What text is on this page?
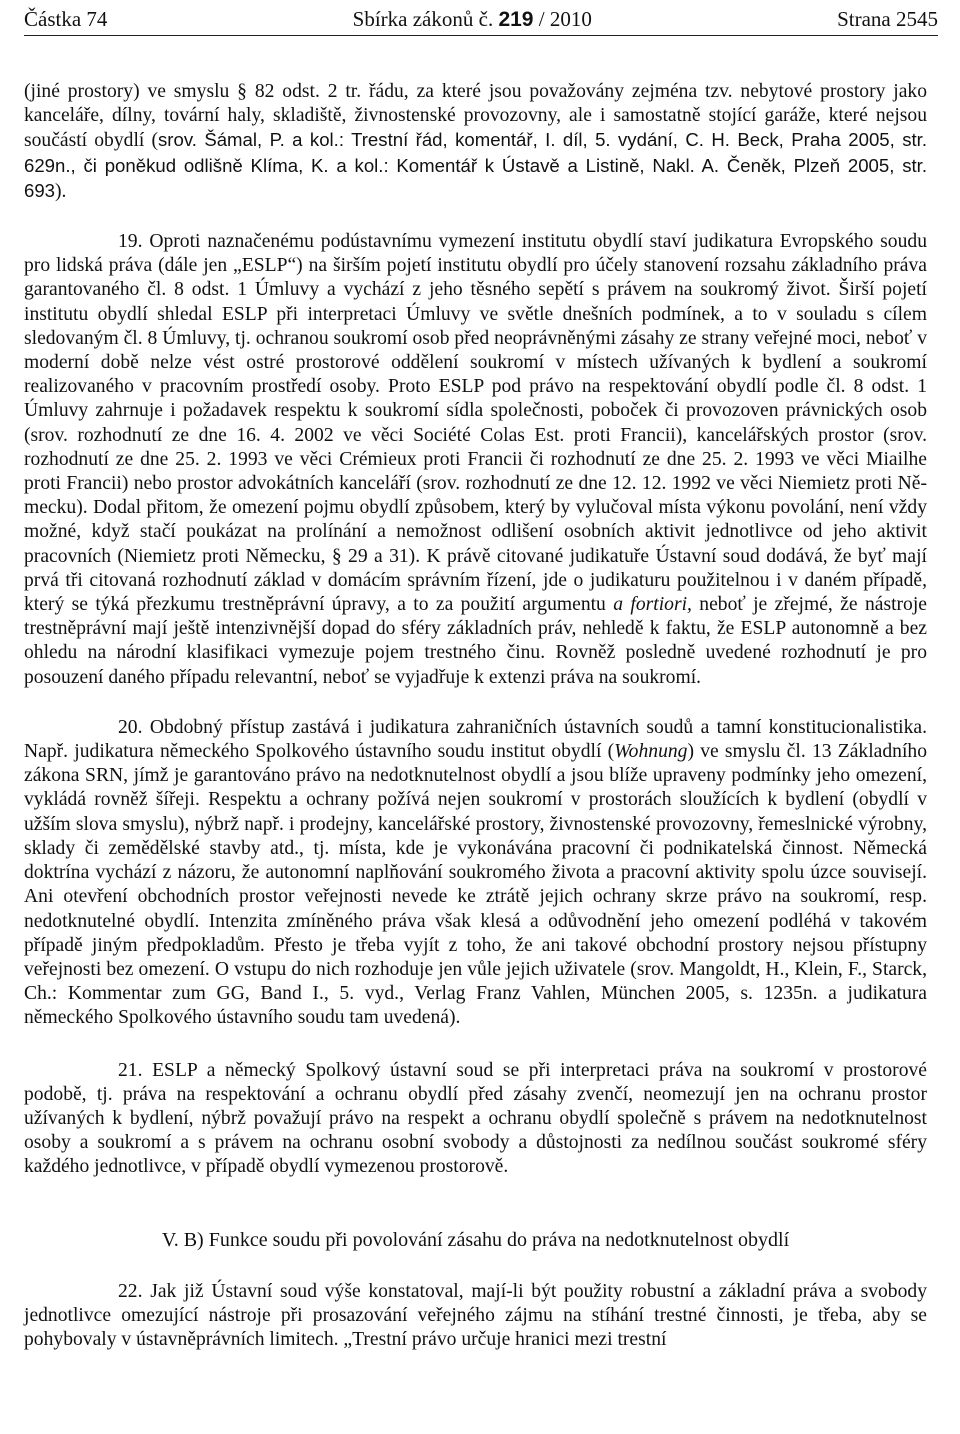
Částka 74	Sbírka zákonů č. 219 / 2010	Strana 2545

(jiné prostory) ve smyslu § 82 odst. 2 tr. řádu, za které jsou považovány zejména tzv. nebytové prostory jako kanceláře, dílny, tovární haly, skladiště, živnostenské provozovny, ale i samostatně stojící garáže, které nejsou součástí obydlí (srov. Šámal, P. a kol.: Trestní řád, komentář, I. díl, 5. vydání, C. H. Beck, Praha 2005, str. 629n., či poněkud odlišně Klíma, K. a kol.: Komentář k Ústavě a Listině, Nakl. A. Čeněk, Plzeň 2005, str. 693).

19. Oproti naznačenému podústavnímu vymezení institutu obydlí staví judikatura Evropského soudu pro lidská práva (dále jen „ESLP“) na širším pojetí institutu obydlí pro účely stanovení rozsahu základního práva garantovaného čl. 8 odst. 1 Úmluvy a vychází z jeho těsného sepětí s právem na soukromý život. Širší pojetí institutu obydlí shledal ESLP při interpretaci Úmluvy ve světle dnešních podmínek, a to v souladu s cílem sledovaným čl. 8 Úmluvy, tj. ochranou soukromí osob před neoprávněnými zásahy ze strany veřejné moci, neboť v moderní době nelze vést ostré prostorové oddělení soukromí v místech užívaných k bydlení a soukromí realizovaného v pracovním prostředí osoby. Proto ESLP pod právo na respektování obydlí podle čl. 8 odst. 1 Úmluvy zahrnuje i požadavek respektu k soukromí sídla společnosti, poboček či provozoven právnických osob (srov. rozhodnutí ze dne 16. 4. 2002 ve věci Société Colas Est. proti Francii), kancelářských prostor (srov. rozhodnutí ze dne 25. 2. 1993 ve věci Crémieux proti Francii či rozhodnutí ze dne 25. 2. 1993 ve věci Miailhe proti Francii) nebo prostor advokátních kanceláří (srov. rozhodnutí ze dne 12. 12. 1992 ve věci Niemietz proti Německu). Dodal přitom, že omezení pojmu obydlí způsobem, který by vylučoval místa výkonu povolání, není vždy možné, když stačí poukázat na prolínání a nemožnost odlišení osobních aktivit jednotlivce od jeho aktivit pracovních (Niemietz proti Německu, § 29 a 31). K právě citované judikatuře Ústavní soud dodává, že byť mají prvá tři citovaná rozhodnutí základ v domácím správním řízení, jde o judikaturu použitelnou i v daném případě, který se týká přezkumu trestněprávní úpravy, a to za použití argumentu a fortiori, neboť je zřejmé, že nástroje trestněprávní mají ještě intenzivnější dopad do sféry základních práv, nehledě k faktu, že ESLP autonomně a bez ohledu na národní klasifikaci vymezuje pojem trestného činu. Rovněž posledně uvedené rozhodnutí je pro posouzení daného případu relevantní, neboť se vyjadřuje k extenzi práva na soukromí.

20. Obdobný přístup zastává i judikatura zahraničních ústavních soudů a tamní konstitucionalistika. Např. judikatura německého Spolkového ústavního soudu institut obydlí (Wohnung) ve smyslu čl. 13 Základního zákona SRN, jímž je garantováno právo na nedotknutelnost obydlí a jsou blíže upraveny podmínky jeho omezení, vykládá rovněž šířeji. Respektu a ochrany požívá nejen soukromí v prostorách sloužících k bydlení (obydlí v užším slova smyslu), nýbrž např. i prodejny, kancelářské prostory, živnostenské provozovny, řemeslnické výrobny, sklady či zemědělské stavby atd., tj. místa, kde je vykonávána pracovní či podnikatelská činnost. Německá doktrína vychází z názoru, že autonomní naplňování soukromého života a pracovní aktivity spolu úzce souvisejí. Ani otevření obchodních prostor veřejnosti nevede ke ztrátě jejich ochrany skrze právo na soukromí, resp. nedotknutelné obydlí. Intenzita zmíněného práva však klesá a odůvodnění jeho omezení podléhá v takovém případě jiným předpokladům. Přesto je třeba vyjít z toho, že ani takové obchodní prostory nejsou přístupny veřejnosti bez omezení. O vstupu do nich rozhoduje jen vůle jejich uživatele (srov. Mangoldt, H., Klein, F., Starck, Ch.: Kommentar zum GG, Band I., 5. vyd., Verlag Franz Vahlen, München 2005, s. 1235n. a judikatura německého Spolkového ústavního soudu tam uvedená).

21. ESLP a německý Spolkový ústavní soud se při interpretaci práva na soukromí v prostorové podobě, tj. práva na respektování a ochranu obydlí před zásahy zvenčí, neomezují jen na ochranu prostor užívaných k bydlení, nýbrž považují právo na respekt a ochranu obydlí společně s právem na nedotknutelnost osoby a soukromí a s právem na ochranu osobní svobody a důstojnosti za nedílnou součást soukromé sféry každého jednotlivce, v případě obydlí vymezenou prostorově.

V. B) Funkce soudu při povolování zásahu do práva na nedotknutelnost obydlí

22. Jak již Ústavní soud výše konstatoval, mají-li být použity robustní a základní práva a svobody jednotlivce omezující nástroje při prosazování veřejného zájmu na stíhání trestné činnosti, je třeba, aby se pohybovaly v ústavněprávních limitech. „Trestní právo určuje hranici mezi trestní
